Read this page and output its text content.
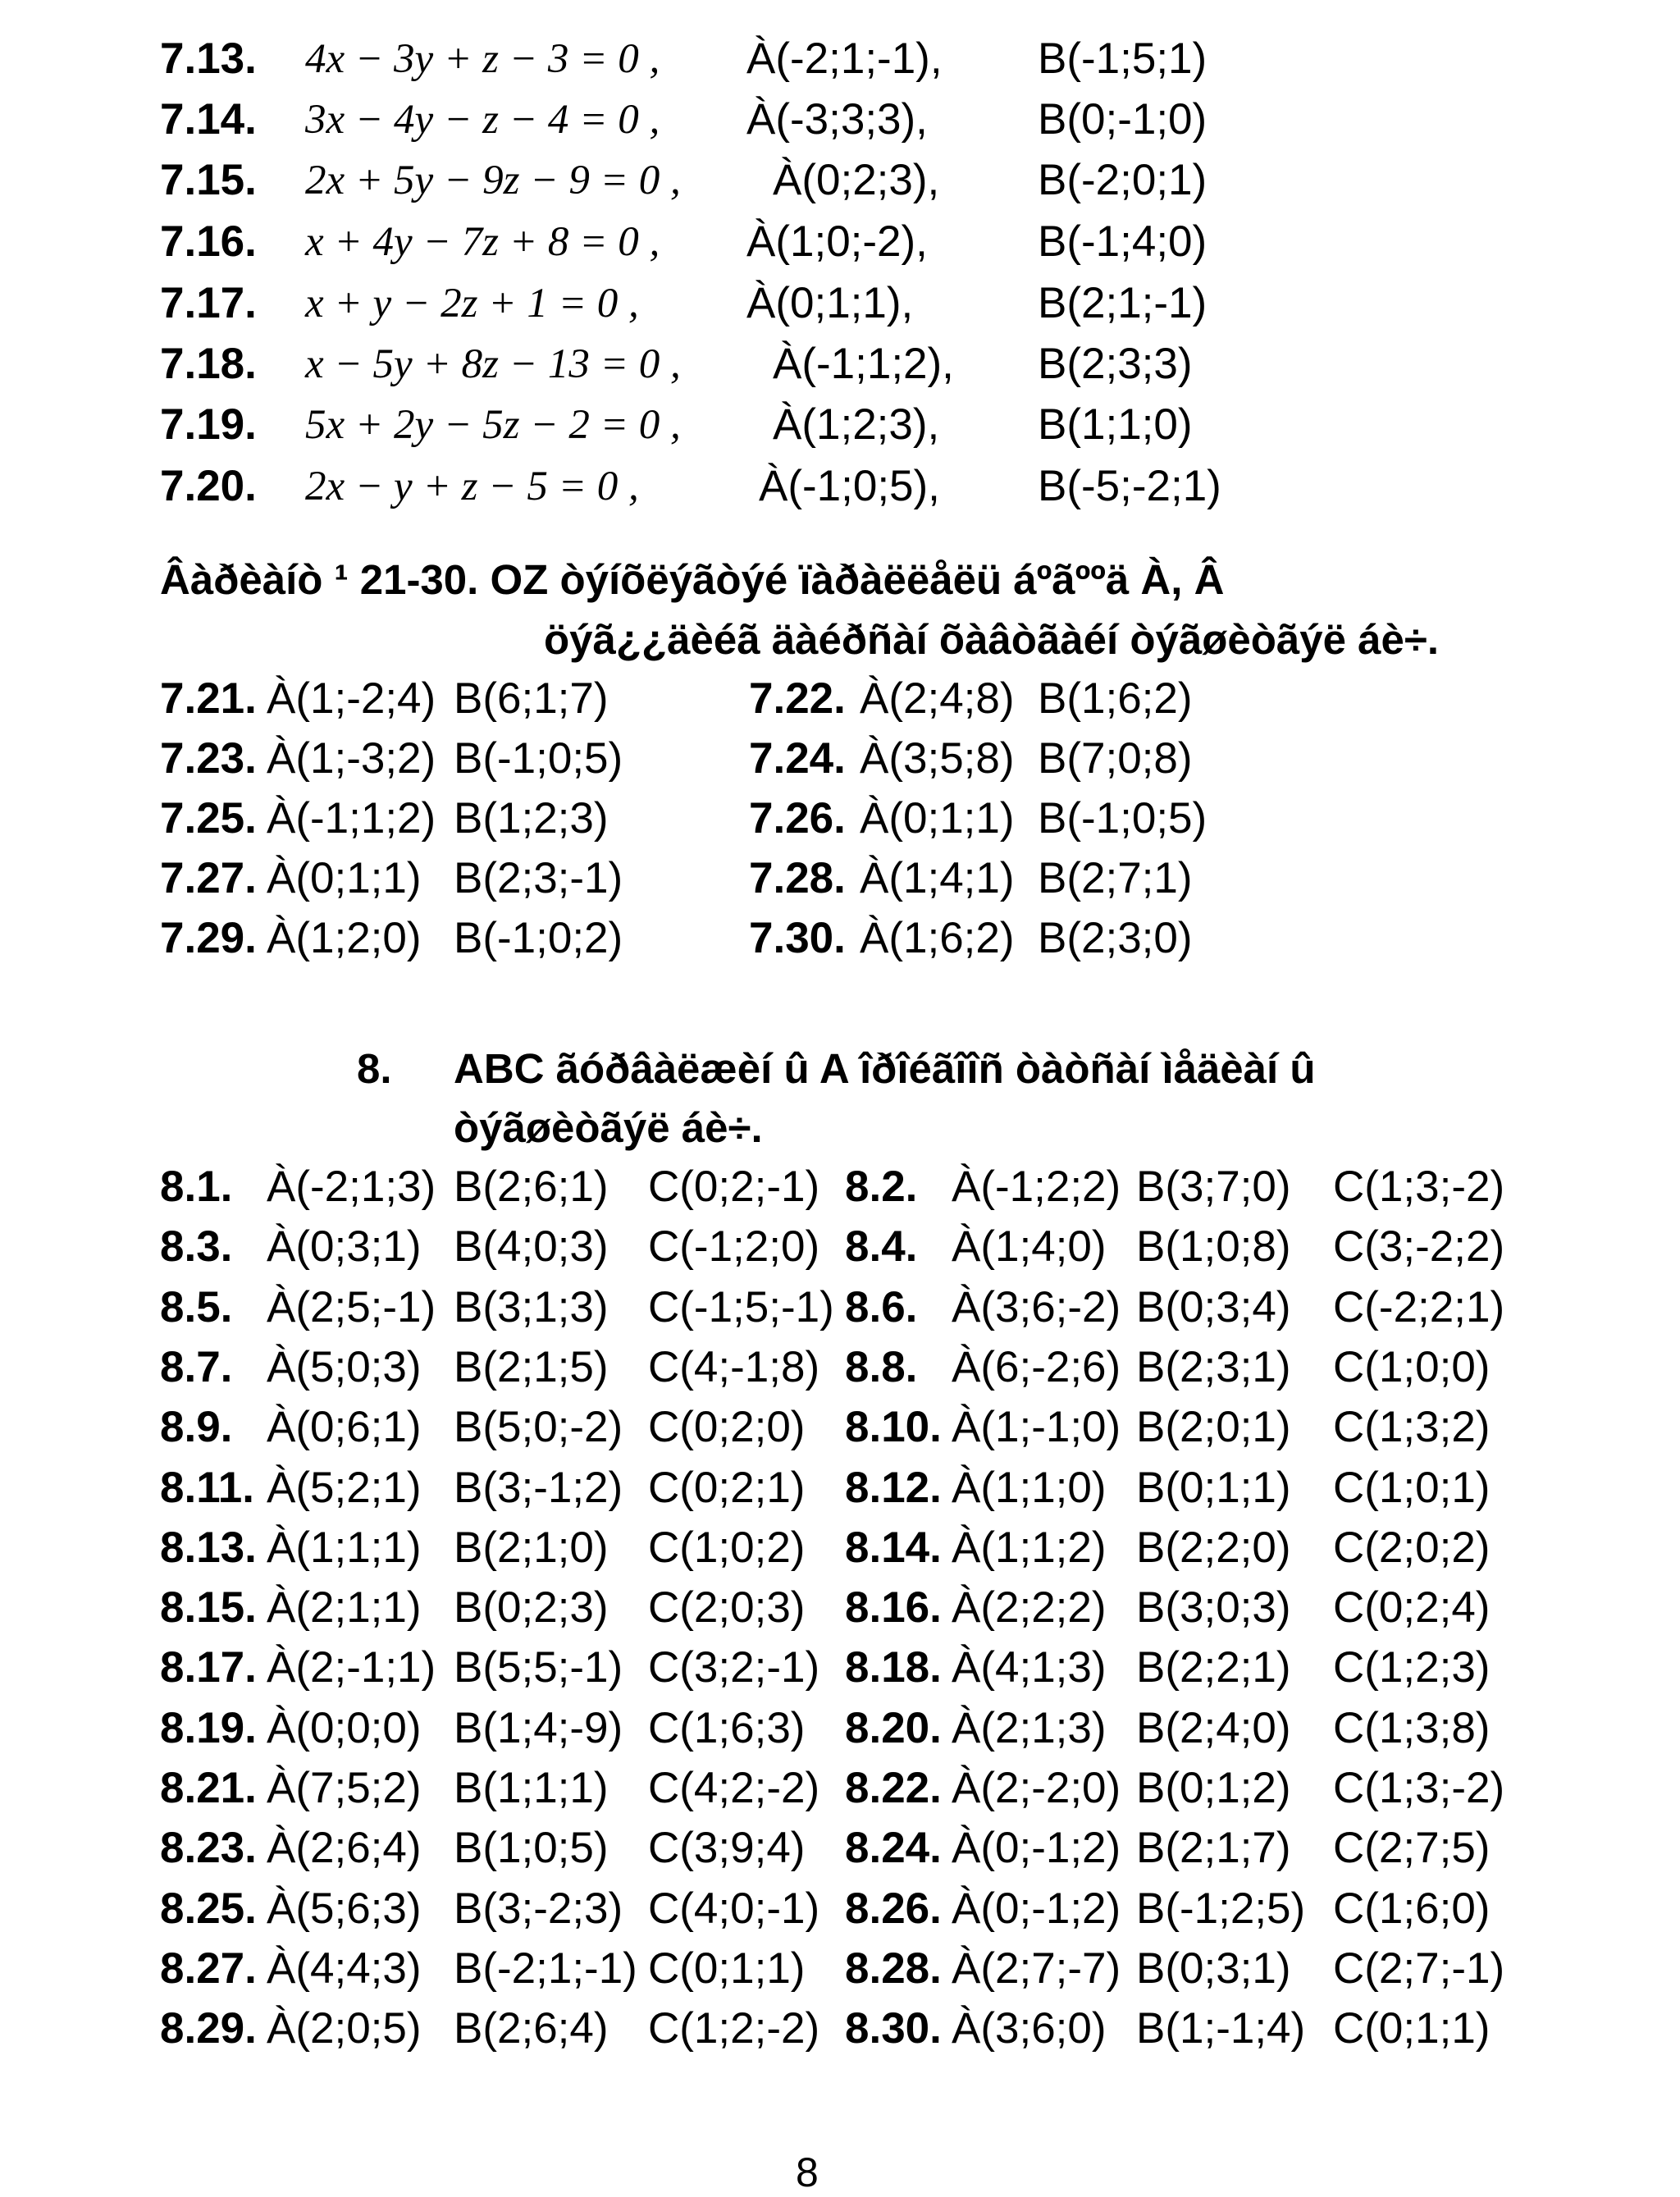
7.13. 4x − 3y + z − 3 = 0 , À(-2;1;-1), B(-1;5;1)
7.14. 3x − 4y − z − 4 = 0 , À(-3;3;3),	B(0;-1;0)
7.15. 2x + 5y − 9z − 9 = 0 , À(0;2;3), B(-2;0;1)
7.16. x + 4y − 7z + 8 = 0 , À(1;0;-2),	B(-1;4;0)
7.17. x + y − 2z + 1 = 0 , À(0;1;1),	B(2;1;-1)
7.18. x − 5y + 8z − 13 = 0 , À(-1;1;2), B(2;3;3)
7.19. 5x + 2y − 5z − 2 = 0 , À(1;2;3), B(1;1;0)
7.20. 2x − y + z − 5 = 0 ,	À(-1;0;5), B(-5;-2;1)
Âàðèàíò ¹ 21-30. OZ òýíõëýãòýé ïàðàëëåëü áºãººä À, Â
öýã¿¿äèéã äàéðñàí õàâòãàéí òýãøèòãýë áè÷.
7.21. À(1;-2;4) B(6;1;7)	7.22. À(2;4;8) B(1;6;2)
7.23. À(1;-3;2) B(-1;0;5)	7.24. À(3;5;8) B(7;0;8)
7.25. À(-1;1;2) B(1;2;3)	7.26. À(0;1;1) B(-1;0;5)
7.27. À(0;1;1) B(2;3;-1)	7.28. À(1;4;1) B(2;7;1)
7.29. À(1;2;0) B(-1;0;2)	7.30. À(1;6;2) B(2;3;0)
8. ABC ãóðâàëæèí û A îðîéãîîñ òàòñàí ìåäèàí û
òýãøèòãýë áè÷.
8.1. À(-2;1;3) B(2;6;1) C(0;2;-1) 8.2. À(-1;2;2) B(3;7;0) C(1;3;-2)
8.3. À(0;3;1) B(4;0;3) C(-1;2;0) 8.4. À(1;4;0) B(1;0;8) C(3;-2;2)
8.5. À(2;5;-1) B(3;1;3) C(-1;5;-1) 8.6. À(3;6;-2) B(0;3;4) C(-2;2;1)
8.7. À(5;0;3) B(2;1;5) C(4;-1;8) 8.8. À(6;-2;6) B(2;3;1) C(1;0;0)
8.9. À(0;6;1) B(5;0;-2) C(0;2;0) 8.10. À(1;-1;0) B(2;0;1) C(1;3;2)
8.11. À(5;2;1) B(3;-1;2) C(0;2;1) 8.12. À(1;1;0) B(0;1;1) C(1;0;1)
8.13. À(1;1;1) B(2;1;0) C(1;0;2) 8.14. À(1;1;2) B(2;2;0) C(2;0;2)
8.15. À(2;1;1) B(0;2;3) C(2;0;3) 8.16. À(2;2;2) B(3;0;3) C(0;2;4)
8.17. À(2;-1;1) B(5;5;-1) C(3;2;-1) 8.18. À(4;1;3) B(2;2;1) C(1;2;3)
8.19. À(0;0;0) B(1;4;-9) C(1;6;3) 8.20. À(2;1;3) B(2;4;0) C(1;3;8)
8.21. À(7;5;2) B(1;1;1) C(4;2;-2) 8.22. À(2;-2;0) B(0;1;2) C(1;3;-2)
8.23. À(2;6;4) B(1;0;5) C(3;9;4) 8.24. À(0;-1;2) B(2;1;7) C(2;7;5)
8.25. À(5;6;3) B(3;-2;3) C(4;0;-1) 8.26. À(0;-1;2) B(-1;2;5) C(1;6;0)
8.27. À(4;4;3) B(-2;1;-1) C(0;1;1) 8.28. À(2;7;-7) B(0;3;1) C(2;7;-1)
8.29. À(2;0;5) B(2;6;4) C(1;2;-2) 8.30. À(3;6;0) B(1;-1;4) C(0;1;1)
8
